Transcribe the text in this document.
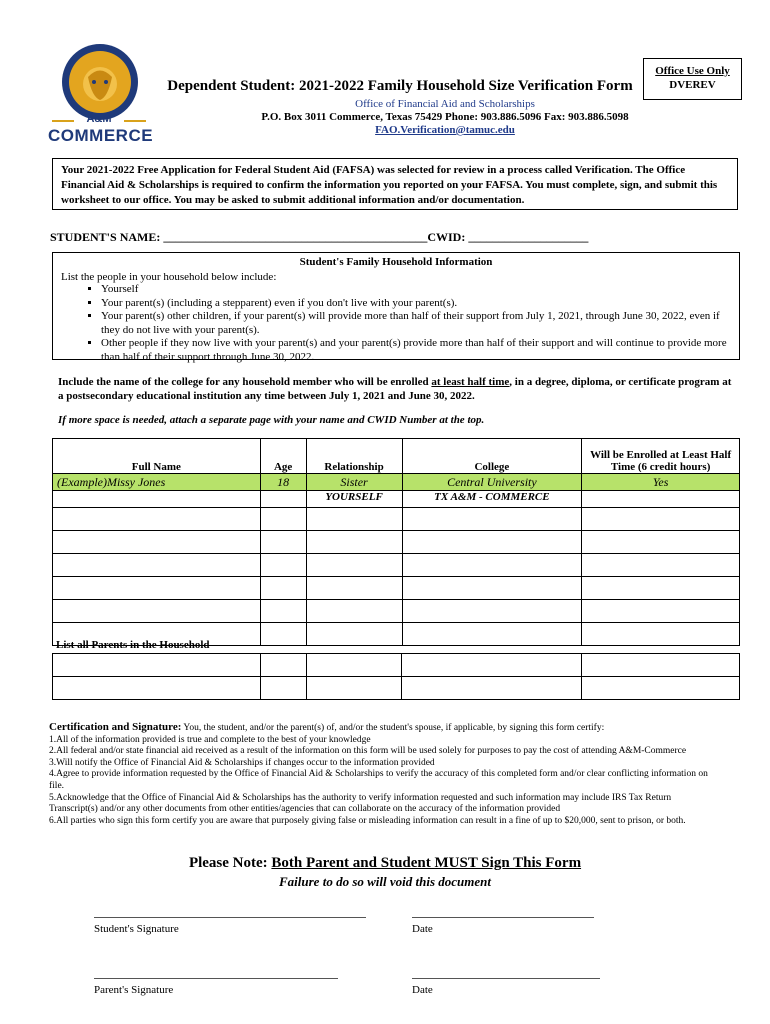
A&M
COMMERCE
Office Use Only
DVEREV
Dependent Student: 2021-2022 Family Household Size Verification Form
Office of Financial Aid and Scholarships
P.O. Box 3011 Commerce, Texas 75429 Phone: 903.886.5096 Fax: 903.886.5098
FAO.Verification@tamuc.edu
Your 2021-2022 Free Application for Federal Student Aid (FAFSA) was selected for review in a process called Verification. The Office Financial Aid & Scholarships is required to confirm the information you reported on your FAFSA. You must complete, sign, and submit this worksheet to our office. You may be asked to submit additional information and/or documentation.
STUDENT'S NAME: ____________________________________________CWID: ____________________
Student's Family Household Information
List the people in your household below include:
▪ Yourself
▪ Your parent(s) (including a stepparent) even if you don't live with your parent(s).
▪ Your parent(s) other children, if your parent(s) will provide more than half of their support from July 1, 2021, through June 30, 2022, even if they do not live with your parent(s).
▪ Other people if they now live with your parent(s) and your parent(s) provide more than half of their support and will continue to provide more than half of their support through June 30, 2022.
Include the name of the college for any household member who will be enrolled at least half time, in a degree, diploma, or certificate program at a postsecondary educational institution any time between July 1, 2021 and June 30, 2022.
If more space is needed, attach a separate page with your name and CWID Number at the top.
Full Name	Age	Relationship	College	Will be Enrolled at Least Half Time (6 credit hours)
(Example)Missy Jones	18	Sister	Central University	Yes
		YOURSELF	TX A&M - COMMERCE	

List all Parents in the Household

Certification and Signature: You, the student, and/or the parent(s) of, and/or the student's spouse, if applicable, by signing this form certify:
1.All of the information provided is true and complete to the best of your knowledge
2.All federal and/or state financial aid received as a result of the information on this form will be used solely for purposes to pay the cost of attending A&M-Commerce
3.Will notify the Office of Financial Aid & Scholarships if changes occur to the information provided
4.Agree to provide information requested by the Office of Financial Aid & Scholarships to verify the accuracy of this completed form and/or clear conflicting information on file.
5.Acknowledge that the Office of Financial Aid & Scholarships has the authority to verify information requested and such information may include IRS Tax Return Transcript(s) and/or any other documents from other entities/agencies that can collaborate on the accuracy of the information provided
6.All parties who sign this form certify you are aware that purposely giving false or misleading information can result in a fine of up to $20,000, sent to prison, or both.
Please Note: Both Parent and Student MUST Sign This Form
Failure to do so will void this document
Student's Signature	Date
Parent's Signature	Date
